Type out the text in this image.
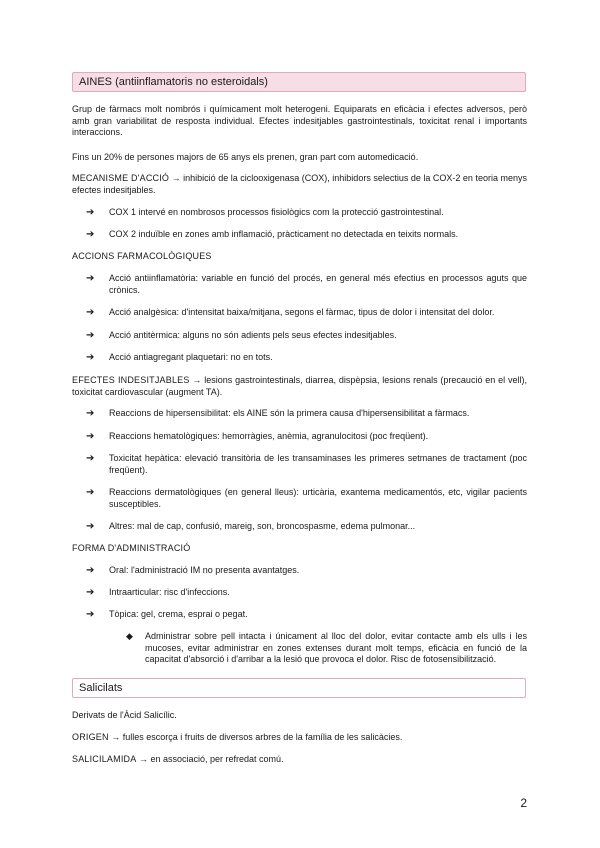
AINES (antiinflamatoris no esteroidals)

Grup de fàrmacs molt nombrós i químicament molt heterogeni. Equiparats en eficàcia i efectes adversos, però amb gran variabilitat de resposta individual. Efectes indesitjables gastrointestinals, toxicitat renal i importants interaccions.

Fins un 20% de persones majors de 65 anys els prenen, gran part com automedicació.

MECANISME D'ACCIÓ → inhibició de la ciclooxigenasa (COX), inhibidors selectius de la COX-2 en teoria menys efectes indesitjables.

➔ COX 1 intervé en nombrosos processos fisiològics com la protecció gastrointestinal.

➔ COX 2 induïble en zones amb inflamació, pràcticament no detectada en teixits normals.

ACCIONS FARMACOLÒGIQUES

➔ Acció antiinflamatòria: variable en funció del procés, en general més efectius en processos aguts que crònics.

➔ Acció analgèsica: d'intensitat baixa/mitjana, segons el fàrmac, tipus de dolor i intensitat del dolor.

➔ Acció antitèrmica: alguns no són adients pels seus efectes indesitjables.

➔ Acció antiagregant plaquetari: no en tots.

EFECTES INDESITJABLES → lesions gastrointestinals, diarrea, dispèpsia, lesions renals (precaució en el vell), toxicitat cardiovascular (augment TA).

➔ Reaccions de hipersensibilitat: els AINE són la primera causa d'hipersensibilitat a fàrmacs.

➔ Reaccions hematològiques: hemorràgies, anèmia, agranulocitosi (poc freqüent).

➔ Toxicitat hepàtica: elevació transitòria de les transaminases les primeres setmanes de tractament (poc freqüent).

➔ Reaccions dermatològiques (en general lleus): urticària, exantema medicamentós, etc, vigilar pacients susceptibles.

➔ Altres: mal de cap, confusió, mareig, son, broncospasme, edema pulmonar...

FORMA D'ADMINISTRACIÓ

➔ Oral: l'administració IM no presenta avantatges.

➔ Intraarticular: risc d'infeccions.

➔ Tòpica: gel, crema, esprai o pegat.

◆ Administrar sobre pell intacta i únicament al lloc del dolor, evitar contacte amb els ulls i les mucoses, evitar administrar en zones extenses durant molt temps, eficàcia en funció de la capacitat d'absorció i d'arribar a la lesió que provoca el dolor. Risc de fotosensibilització.

Salicilats

Derivats de l'Àcid Salicílic.

ORIGEN → fulles escorça i fruits de diversos arbres de la família de les salicàcies.

SALICILAMIDA → en associació, per refredat comú.

2
